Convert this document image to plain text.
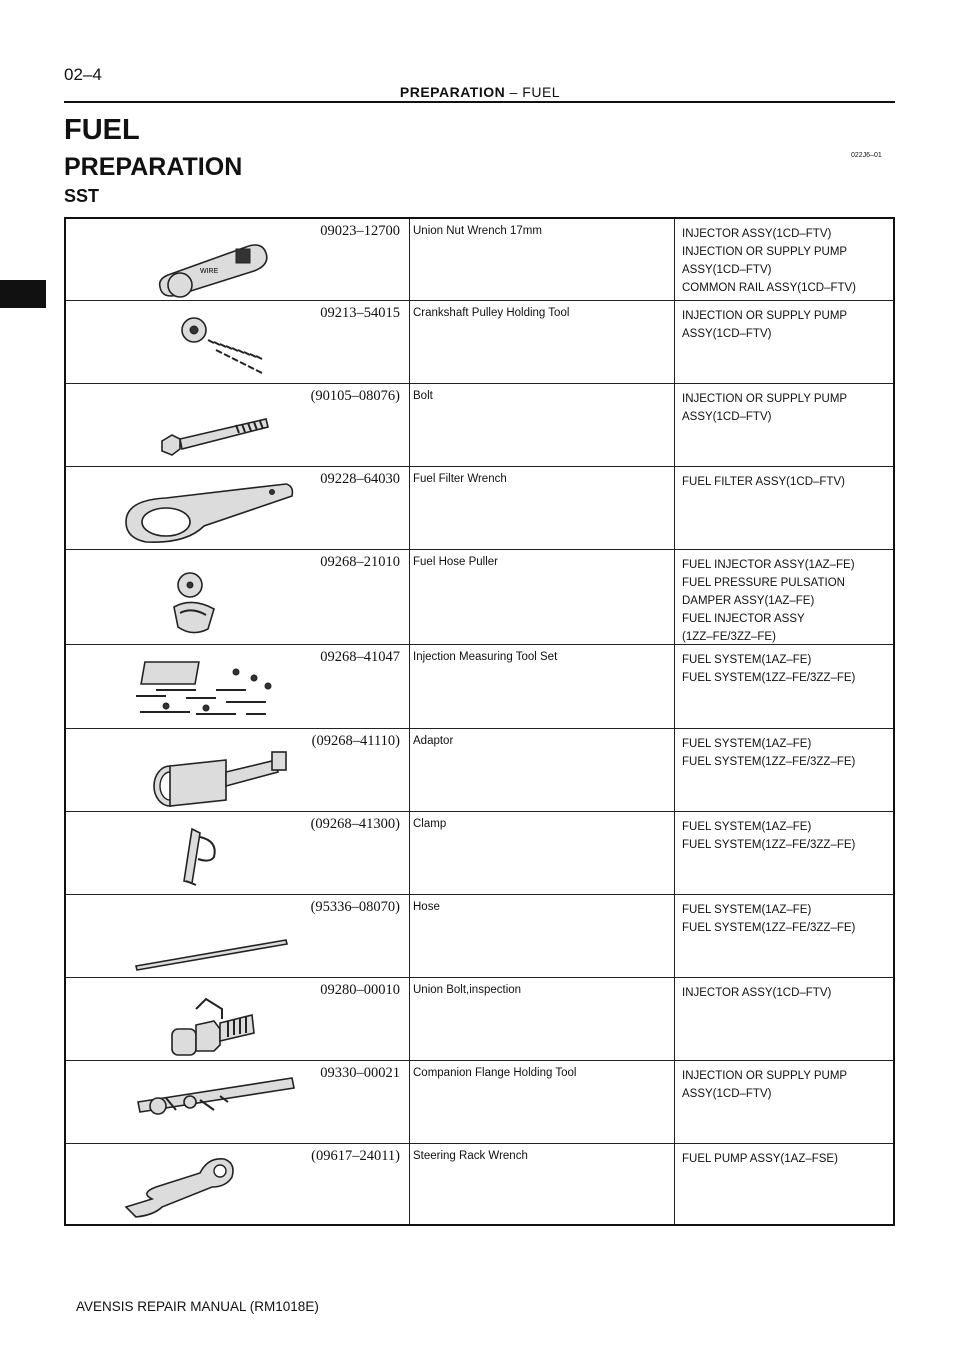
02–4
PREPARATION – FUEL
FUEL
PREPARATION	022J6–01
SST
WIRE
09023–12700 Union Nut Wrench 17mm	INJECTOR ASSY(1CD–FTV)
INJECTION OR SUPPLY PUMP
ASSY(1CD–FTV)
COMMON RAIL ASSY(1CD–FTV)
09213–54015 Crankshaft Pulley Holding Tool	INJECTION OR SUPPLY PUMP
ASSY(1CD–FTV)
(90105–08076) Bolt	INJECTION OR SUPPLY PUMP
ASSY(1CD–FTV)
09228–64030 Fuel Filter Wrench	FUEL FILTER ASSY(1CD–FTV)
09268–21010 Fuel Hose Puller	FUEL INJECTOR ASSY(1AZ–FE)
FUEL PRESSURE PULSATION
DAMPER ASSY(1AZ–FE)
FUEL INJECTOR ASSY
(1ZZ–FE/3ZZ–FE)
09268–41047 Injection Measuring Tool Set	FUEL SYSTEM(1AZ–FE)
FUEL SYSTEM(1ZZ–FE/3ZZ–FE)
(09268–41110) Adaptor	FUEL SYSTEM(1AZ–FE)
FUEL SYSTEM(1ZZ–FE/3ZZ–FE)
(09268–41300) Clamp	FUEL SYSTEM(1AZ–FE)
FUEL SYSTEM(1ZZ–FE/3ZZ–FE)
(95336–08070) Hose	FUEL SYSTEM(1AZ–FE)
FUEL SYSTEM(1ZZ–FE/3ZZ–FE)
09280–00010 Union Bolt,inspection	INJECTOR ASSY(1CD–FTV)
09330–00021 Companion Flange Holding Tool	INJECTION OR SUPPLY PUMP
ASSY(1CD–FTV)
(09617–24011) Steering Rack Wrench	FUEL PUMP ASSY(1AZ–FSE)
AVENSIS REPAIR MANUAL (RM1018E)
